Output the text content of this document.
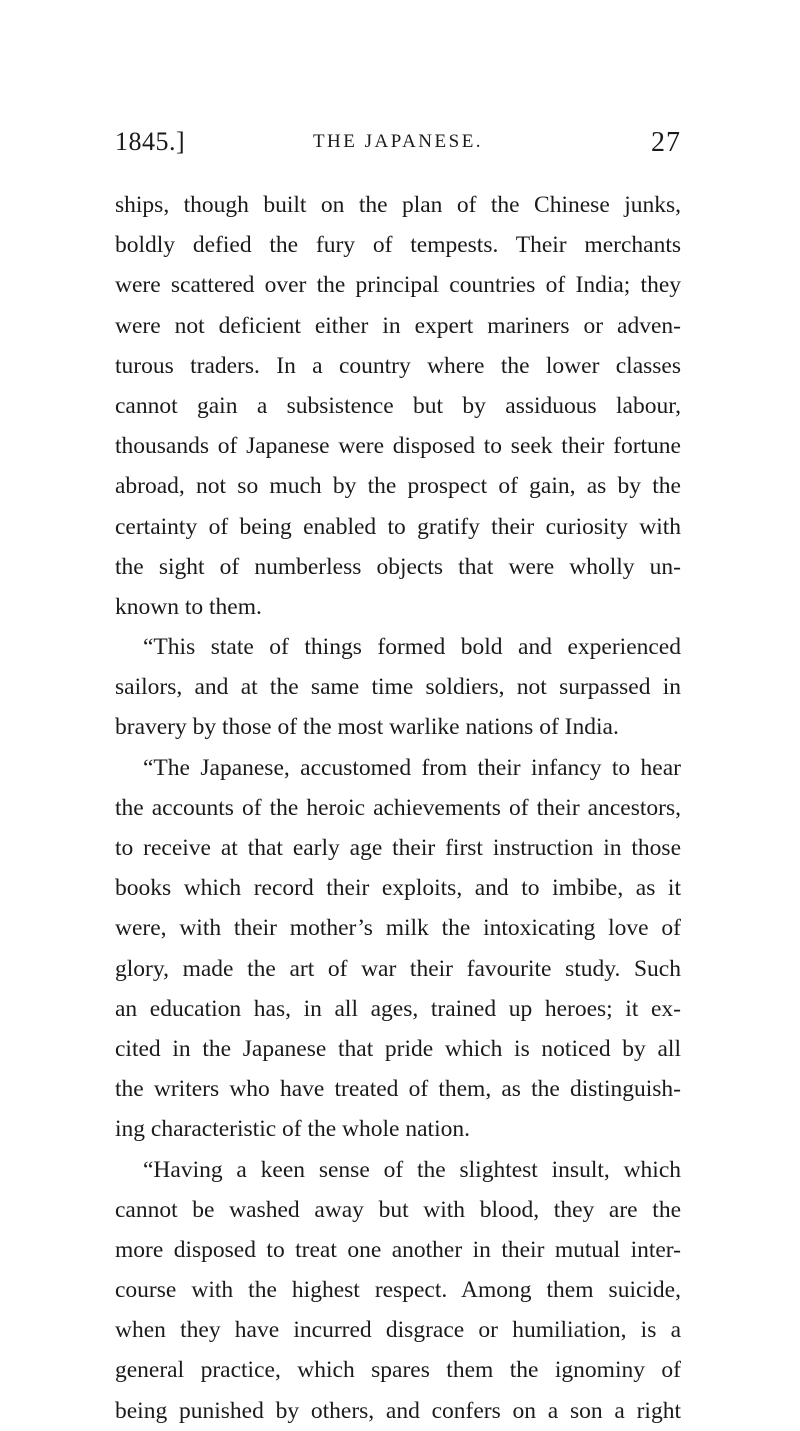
1845.]	THE JAPANESE.	27
ships, though built on the plan of the Chinese junks,
boldly defied the fury of tempests. Their merchants
were scattered over the principal countries of India; they
were not deficient either in expert mariners or adven-
turous traders. In a country where the lower classes
cannot gain a subsistence but by assiduous labour,
thousands of Japanese were disposed to seek their fortune
abroad, not so much by the prospect of gain, as by the
certainty of being enabled to gratify their curiosity with
the sight of numberless objects that were wholly un-
known to them.
“This state of things formed bold and experienced
sailors, and at the same time soldiers, not surpassed in
bravery by those of the most warlike nations of India.
“The Japanese, accustomed from their infancy to hear
the accounts of the heroic achievements of their ancestors,
to receive at that early age their first instruction in those
books which record their exploits, and to imbibe, as it
were, with their mother’s milk the intoxicating love of
glory, made the art of war their favourite study. Such
an education has, in all ages, trained up heroes; it ex-
cited in the Japanese that pride which is noticed by all
the writers who have treated of them, as the distinguish-
ing characteristic of the whole nation.
“Having a keen sense of the slightest insult, which
cannot be washed away but with blood, they are the
more disposed to treat one another in their mutual inter-
course with the highest respect. Among them suicide,
when they have incurred disgrace or humiliation, is a
general practice, which spares them the ignominy of
being punished by others, and confers on a son a right
